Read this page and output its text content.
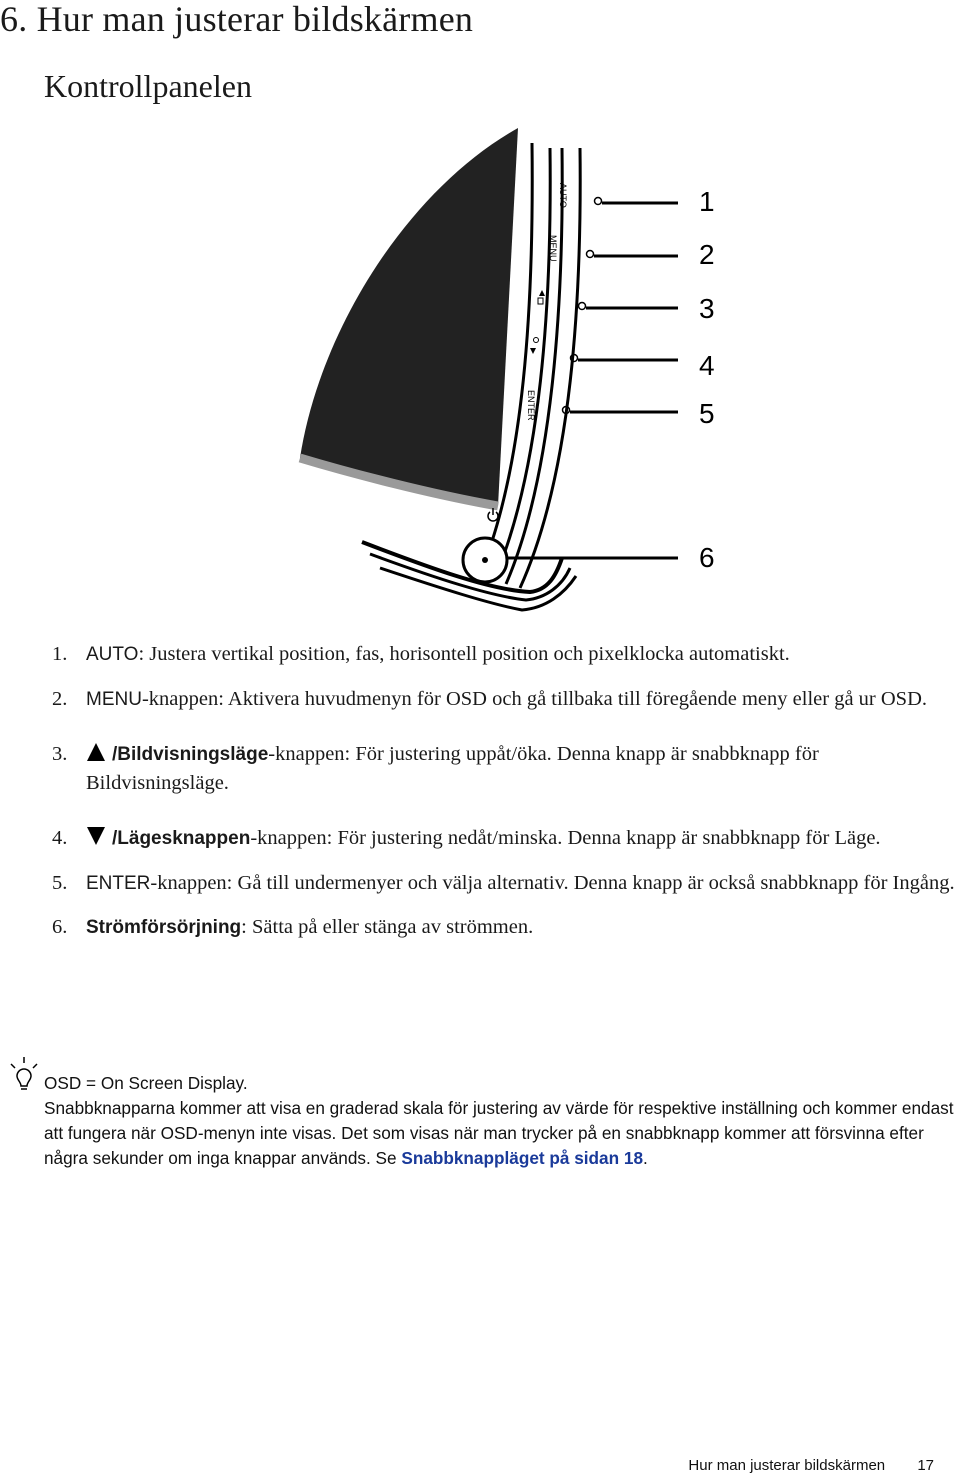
6. Hur man justerar bildskärmen
Kontrollpanelen
AUTO
MENU
ENTER
1
2
3
4
5
6

1. AUTO: Justera vertikal position, fas, horisontell position och pixelklocka automatiskt.

2. MENU-knappen: Aktivera huvudmenyn för OSD och gå tillbaka till föregående meny eller gå ur OSD.

3. /Bildvisningsläge-knappen: För justering uppåt/öka. Denna knapp är snabbknapp för Bildvisningsläge.

4. /Lägesknappen-knappen: För justering nedåt/minska. Denna knapp är snabbknapp för Läge.

5. ENTER-knappen: Gå till undermenyer och välja alternativ. Denna knapp är också snabbknapp för Ingång.

6. Strömförsörjning: Sätta på eller stänga av strömmen.

OSD = On Screen Display.

Snabbknapparna kommer att visa en graderad skala för justering av värde för respektive inställning och kommer endast att fungera när OSD-menyn inte visas. Det som visas när man trycker på en snabbknapp kommer att försvinna efter några sekunder om inga knappar används. Se Snabbknappläget på sidan 18.

Hur man justerar bildskärmen 17
